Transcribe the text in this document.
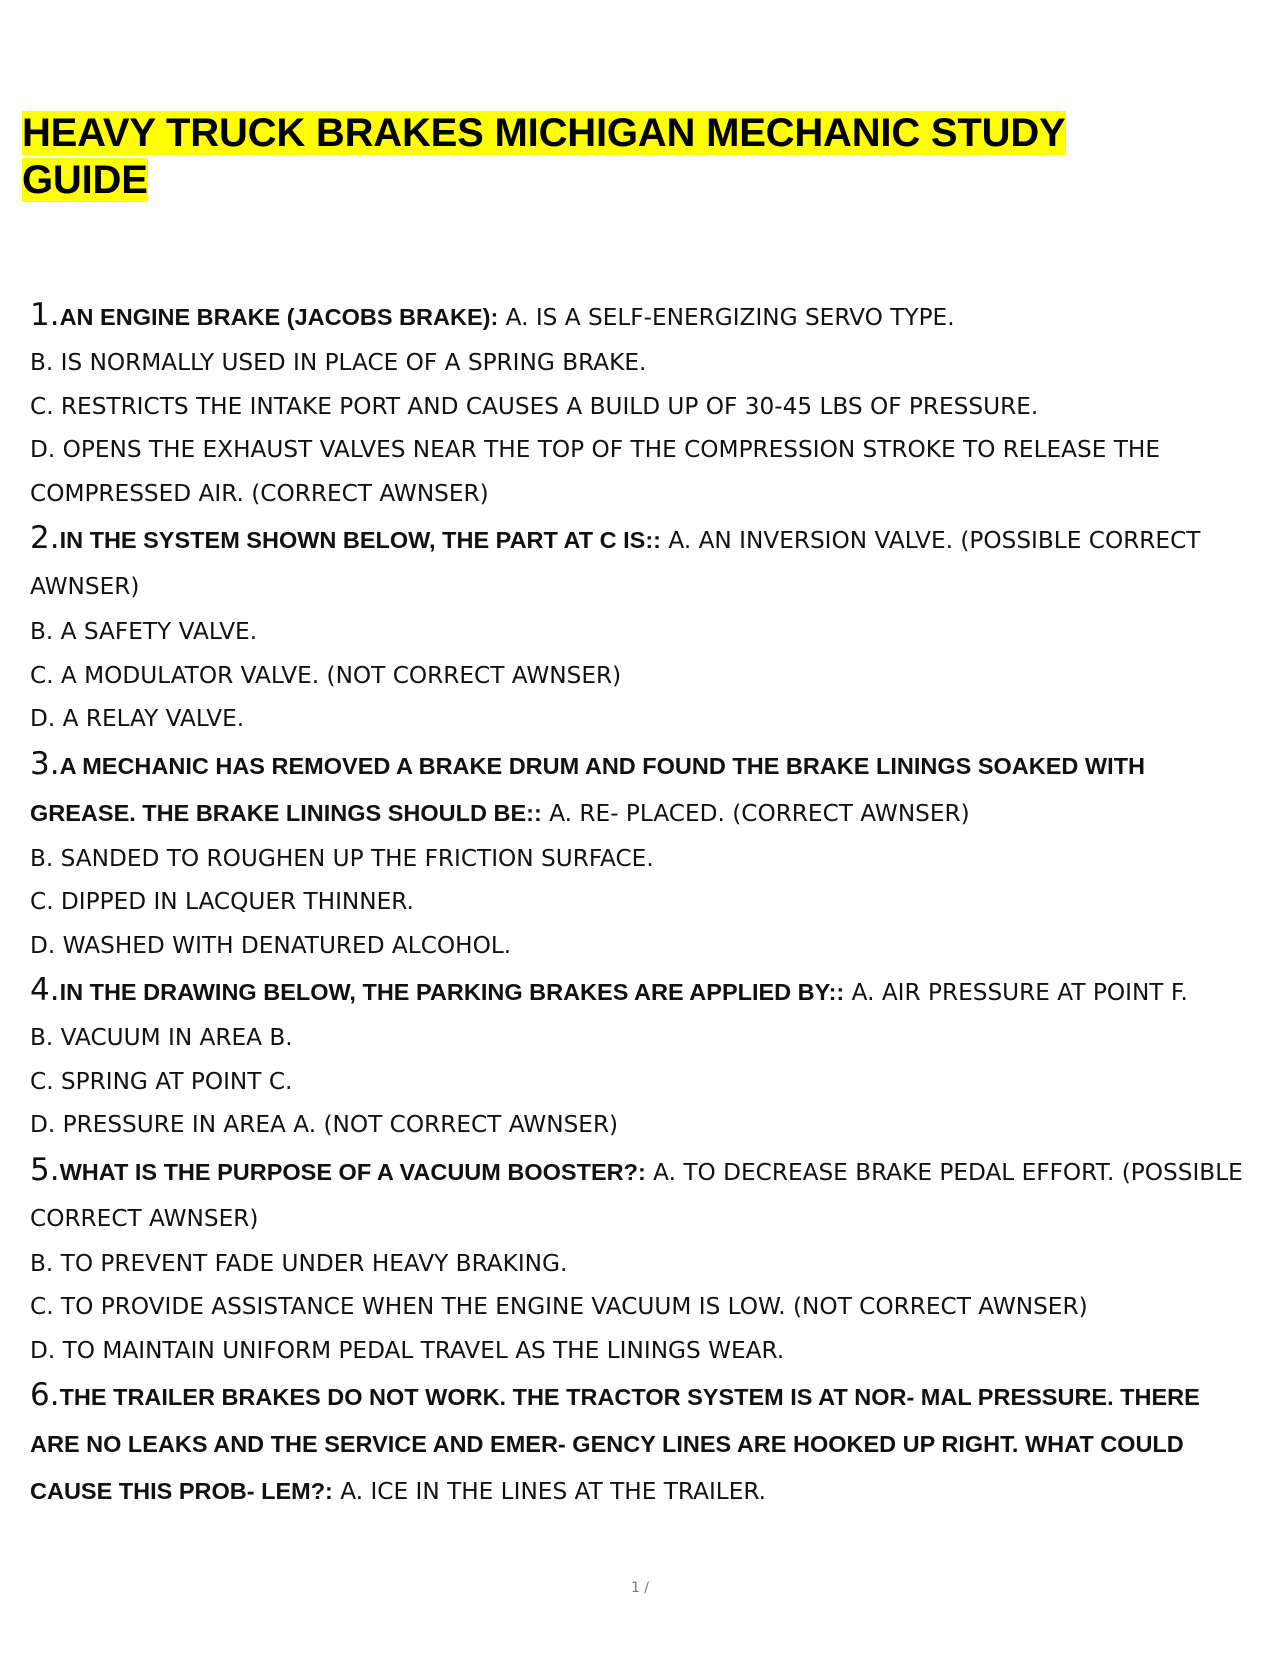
HEAVY TRUCK BRAKES MICHIGAN MECHANIC STUDY GUIDE

1.AN ENGINE BRAKE (JACOBS BRAKE): A. IS A SELF-ENERGIZING SERVO TYPE.

B. IS NORMALLY USED IN PLACE OF A SPRING BRAKE.

C. RESTRICTS THE INTAKE PORT AND CAUSES A BUILD UP OF 30-45 LBS OF PRESSURE.

D. OPENS THE EXHAUST VALVES NEAR THE TOP OF THE COMPRESSION STROKE TO RELEASE THE COMPRESSED AIR. (CORRECT AWNSER)

2.IN THE SYSTEM SHOWN BELOW, THE PART AT C IS:: A. AN INVERSION VALVE. (POSSIBLE CORRECT AWNSER)

B. A SAFETY VALVE.

C. A MODULATOR VALVE. (NOT CORRECT AWNSER)

D. A RELAY VALVE.

3.A MECHANIC HAS REMOVED A BRAKE DRUM AND FOUND THE BRAKE LININGS SOAKED WITH GREASE. THE BRAKE LININGS SHOULD BE:: A. RE- PLACED. (CORRECT AWNSER)

B. SANDED TO ROUGHEN UP THE FRICTION SURFACE.

C. DIPPED IN LACQUER THINNER.

D. WASHED WITH DENATURED ALCOHOL.

4.IN THE DRAWING BELOW, THE PARKING BRAKES ARE APPLIED BY:: A. AIR PRESSURE AT POINT F.

B. VACUUM IN AREA B.

C. SPRING AT POINT C.

D. PRESSURE IN AREA A. (NOT CORRECT AWNSER)

5.WHAT IS THE PURPOSE OF A VACUUM BOOSTER?: A. TO DECREASE BRAKE PEDAL EFFORT. (POSSIBLE CORRECT AWNSER)

B. TO PREVENT FADE UNDER HEAVY BRAKING.

C. TO PROVIDE ASSISTANCE WHEN THE ENGINE VACUUM IS LOW. (NOT CORRECT AWNSER)

D. TO MAINTAIN UNIFORM PEDAL TRAVEL AS THE LININGS WEAR.

6.THE TRAILER BRAKES DO NOT WORK. THE TRACTOR SYSTEM IS AT NOR- MAL PRESSURE. THERE ARE NO LEAKS AND THE SERVICE AND EMER- GENCY LINES ARE HOOKED UP RIGHT. WHAT COULD CAUSE THIS PROB- LEM?: A. ICE IN THE LINES AT THE TRAILER.

1 /
